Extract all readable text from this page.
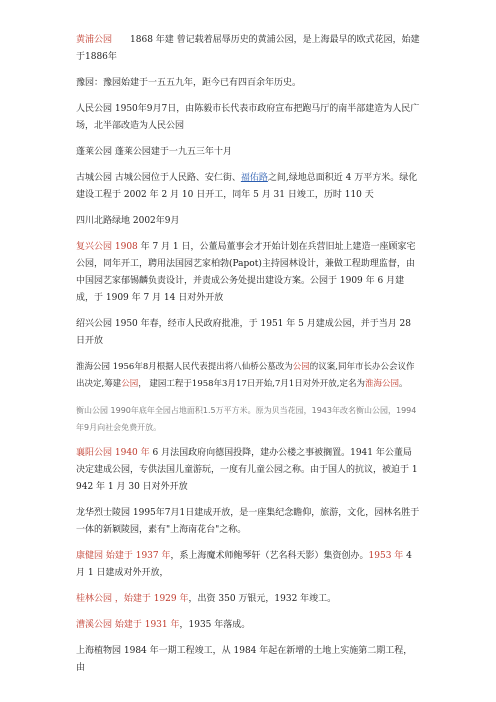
黄浦公园　　1868 年建 曾记载着屈辱历史的黄浦公园，是上海最早的欧式花园，始建于1886年

豫园：豫园始建于一五五九年，距今已有四百余年历史。

人民公园 1950年9月7日，由陈毅市长代表市政府宣布把跑马厅的南半部建造为人民广场，北半部改造为人民公园

蓬莱公园 蓬莱公园建于一九五三年十月

古城公园 古城公园位于人民路、安仁街、福佑路之间,绿地总面积近 4 万平方米。绿化建设工程于 2002 年 2 月 10 日开工，同年 5 月 31 日竣工，历时 110 天

四川北路绿地 2002年9月

复兴公园 1908 年 7 月 1 日，公董局董事会才开始计划在兵营旧址上建造一座顾家宅公园，同年开工，聘用法国园艺家柏勃(Papot)主持园林设计，兼做工程助理监督，由中国园艺家郁锡麟负责设计，并责成公务处提出建设方案。公园于 1909 年 6 月建成，于 1909 年 7 月 14 日对外开放

绍兴公园 1950 年春，经市人民政府批准，于 1951 年 5 月建成公园，并于当月 28 日开放

淮海公园 1956年8月根据人民代表提出将八仙桥公墓改为公园的议案,同年市长办公会议作出决定,筹建公园， 建园工程于1958年3月17日开始,7月1日对外开放,定名为淮海公园。

衡山公园 1990年底年全园占地面积1.5万平方米。原为贝当花园，1943年改名衡山公园，1994年9月向社会免费开放。

襄阳公园 1940 年 6 月法国政府向德国投降，建办公楼之事被搁置。1941 年公董局决定建成公园，专供法国儿童游玩，一度有儿童公园之称。由于国人的抗议，被迫于 1942 年 1 月 30 日对外开放

龙华烈士陵园 1995年7月1日建成开放，是一座集纪念瞻仰，旅游，文化，园林名胜于一体的新颖陵园，素有"上海南花台"之称。

康健园 始建于 1937 年，系上海魔术师鲍琴轩（艺名科天影）集资创办。1953 年 4 月 1 日建成对外开放，

桂林公园 ，始建于 1929 年，出资 350 万银元，1932 年竣工。

漕溪公园 始建于 1931 年，1935 年落成。

上海植物园 1984 年一期工程竣工，从 1984 年起在新增的土地上实施第二期工程，由
